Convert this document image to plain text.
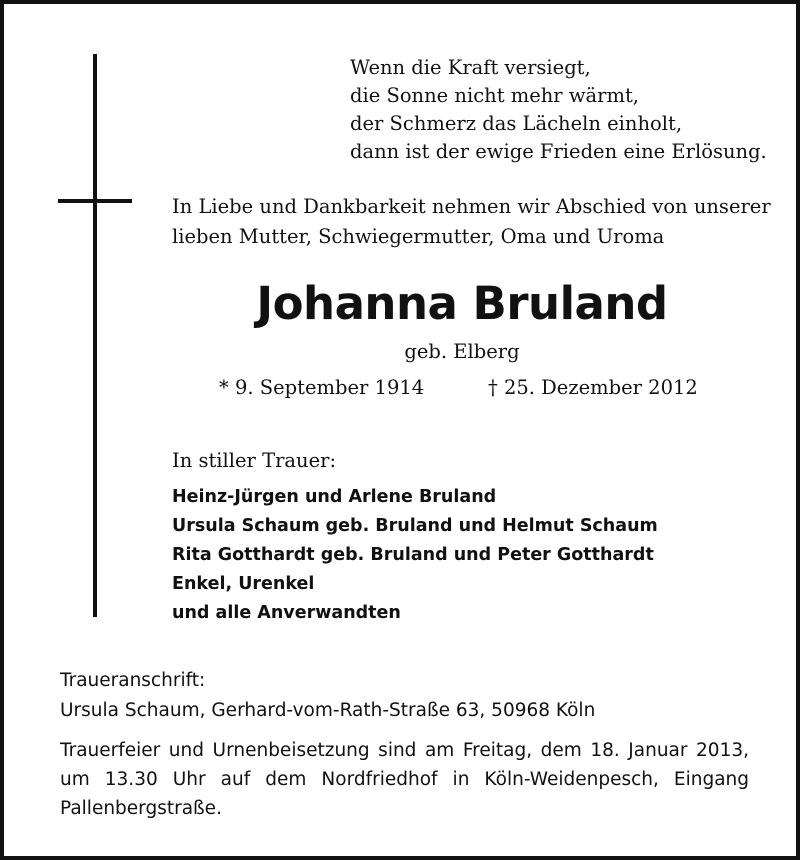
Wenn die Kraft versiegt,
die Sonne nicht mehr wärmt,
der Schmerz das Lächeln einholt,
dann ist der ewige Frieden eine Erlösung.
In Liebe und Dankbarkeit nehmen wir Abschied von unserer
lieben Mutter, Schwiegermutter, Oma und Uroma
Johanna Bruland
geb. Elberg
* 9. September 1914	† 25. Dezember 2012
In stiller Trauer:
Heinz-Jürgen und Arlene Bruland
Ursula Schaum geb. Bruland und Helmut Schaum
Rita Gotthardt geb. Bruland und Peter Gotthardt
Enkel, Urenkel
und alle Anverwandten
Traueranschrift:
Ursula Schaum, Gerhard-vom-Rath-Straße 63, 50968 Köln
Trauerfeier und Urnenbeisetzung sind am Freitag, dem 18. Januar 2013,
um 13.30 Uhr auf dem Nordfriedhof in Köln-Weidenpesch, Eingang
Pallenbergstraße.
